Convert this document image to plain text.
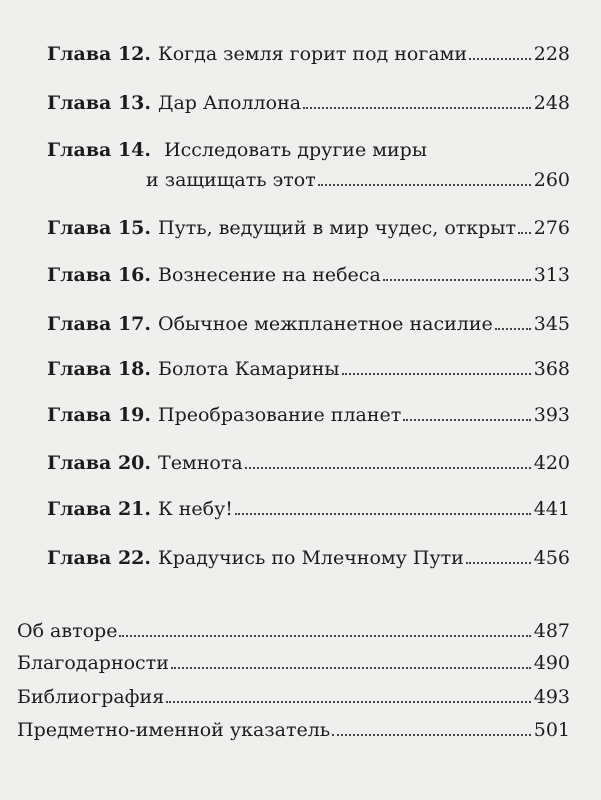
Глава 12. Когда земля горит под ногами	228
Глава 13. Дар Аполлона	248
Глава 14. Исследовать другие миры
и защищать этот	260
Глава 15. Путь, ведущий в мир чудес, открыт 276
Глава 16. Вознесение на небеса	313
Глава 17. Обычное межпланетное насилие 345
Глава 18. Болота Камарины	368
Глава 19. Преобразование планет	393
Глава 20. Темнота	420
Глава 21. К небу!	441
Глава 22. Крадучись по Млечному Пути	456
Об авторе	487
Благодарности	490
Библиография	493
Предметно-именной указатель	501
